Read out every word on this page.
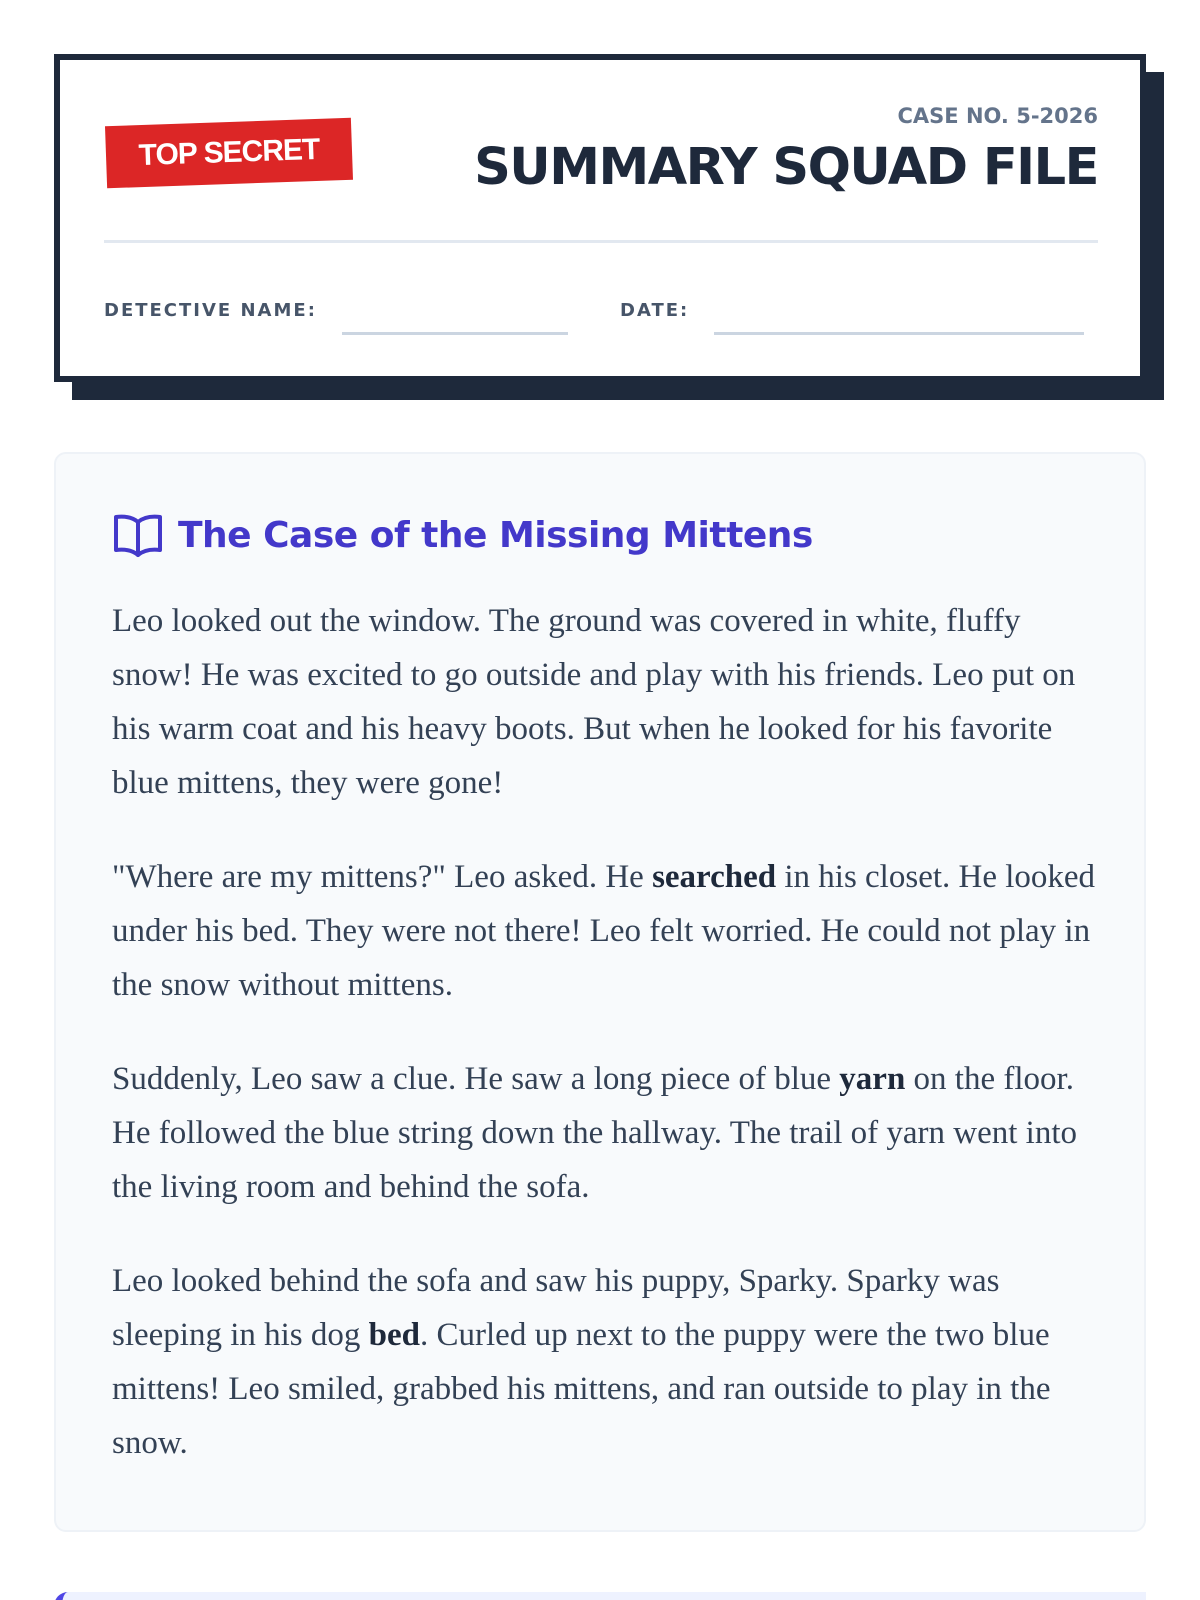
TOP SECRET
CASE NO. 5-2026
SUMMARY SQUAD FILE
DETECTIVE NAME:	DATE:
The Case of the Missing Mittens

Leo looked out the window. The ground was covered in white, fluffy snow! He was excited to go outside and play with his friends. Leo put on his warm coat and his heavy boots. But when he looked for his favorite blue mittens, they were gone!

"Where are my mittens?" Leo asked. He searched in his closet. He looked under his bed. They were not there! Leo felt worried. He could not play in the snow without mittens.

Suddenly, Leo saw a clue. He saw a long piece of blue yarn on the floor. He followed the blue string down the hallway. The trail of yarn went into the living room and behind the sofa.

Leo looked behind the sofa and saw his puppy, Sparky. Sparky was sleeping in his dog bed. Curled up next to the puppy were the two blue mittens! Leo smiled, grabbed his mittens, and ran outside to play in the snow.
